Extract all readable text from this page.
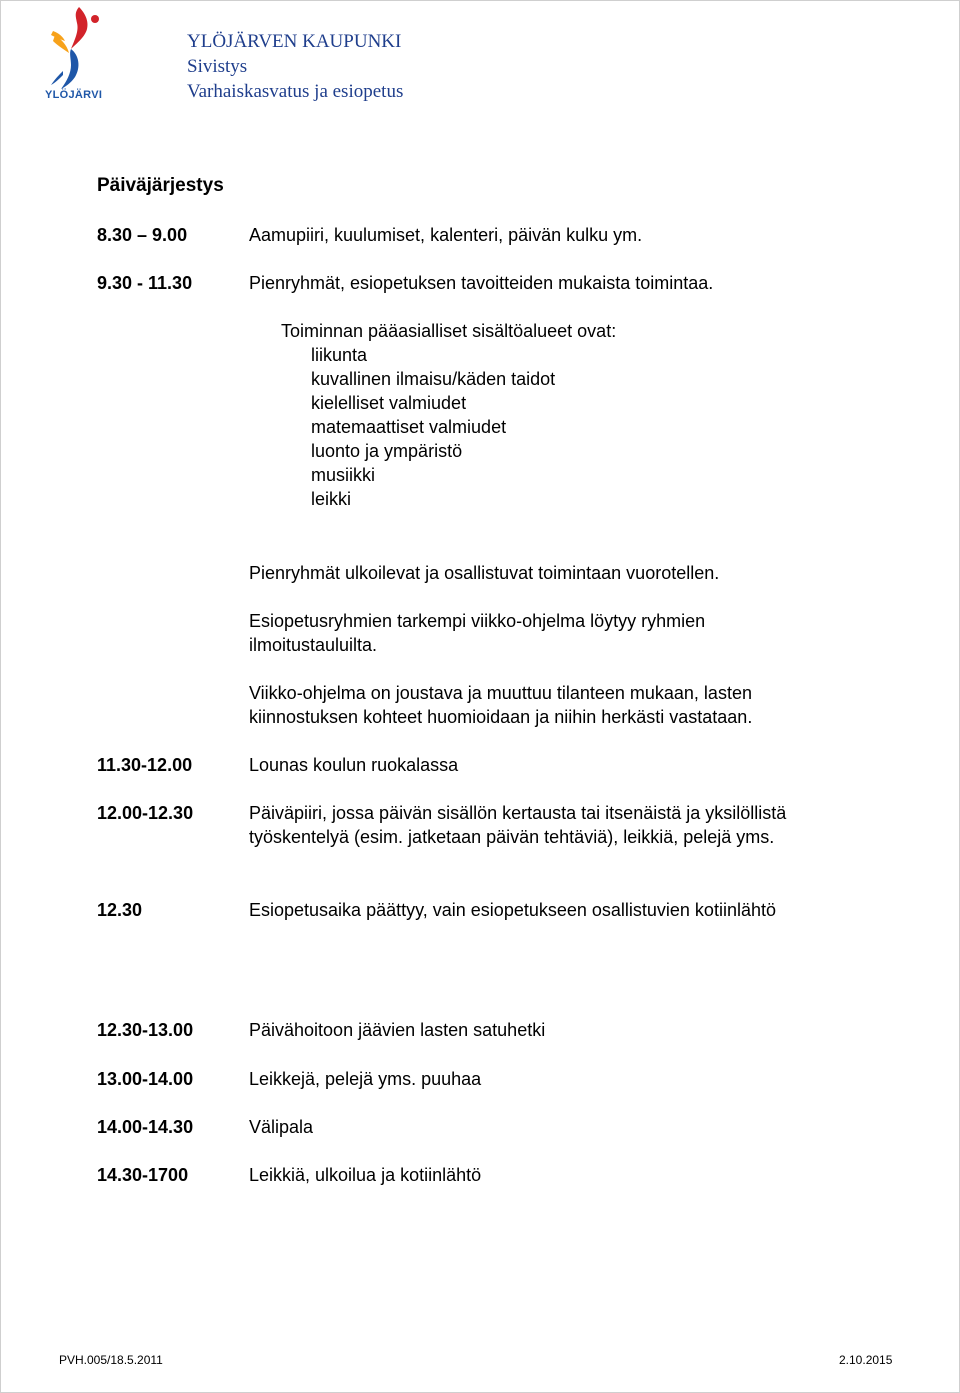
YLÖJÄRVI
YLÖJÄRVEN KAUPUNKI
Sivistys
Varhaiskasvatus ja esiopetus
Päiväjärjestys
8.30 – 9.00	Aamupiiri, kuulumiset, kalenteri, päivän kulku ym.
9.30 - 11.30	Pienryhmät, esiopetuksen tavoitteiden mukaista toimintaa.
Toiminnan pääasialliset sisältöalueet ovat:
liikunta
kuvallinen ilmaisu/käden taidot
kielelliset valmiudet
matemaattiset valmiudet
luonto ja ympäristö
musiikki
leikki
Pienryhmät ulkoilevat ja osallistuvat toimintaan vuorotellen.
Esiopetusryhmien tarkempi viikko-ohjelma löytyy ryhmien
ilmoitustauluilta.
Viikko-ohjelma on joustava ja muuttuu tilanteen mukaan, lasten
kiinnostuksen kohteet huomioidaan ja niihin herkästi vastataan.
11.30-12.00	Lounas koulun ruokalassa
12.00-12.30	Päiväpiiri, jossa päivän sisällön kertausta tai itsenäistä ja yksilöllistä
työskentelyä (esim. jatketaan päivän tehtäviä), leikkiä, pelejä yms.
12.30	Esiopetusaika päättyy, vain esiopetukseen osallistuvien kotiinlähtö
12.30-13.00	Päivähoitoon jäävien lasten satuhetki
13.00-14.00	Leikkejä, pelejä yms. puuhaa
14.00-14.30	Välipala
14.30-1700	Leikkiä, ulkoilua ja kotiinlähtö
PVH.005/18.5.2011	2.10.2015
